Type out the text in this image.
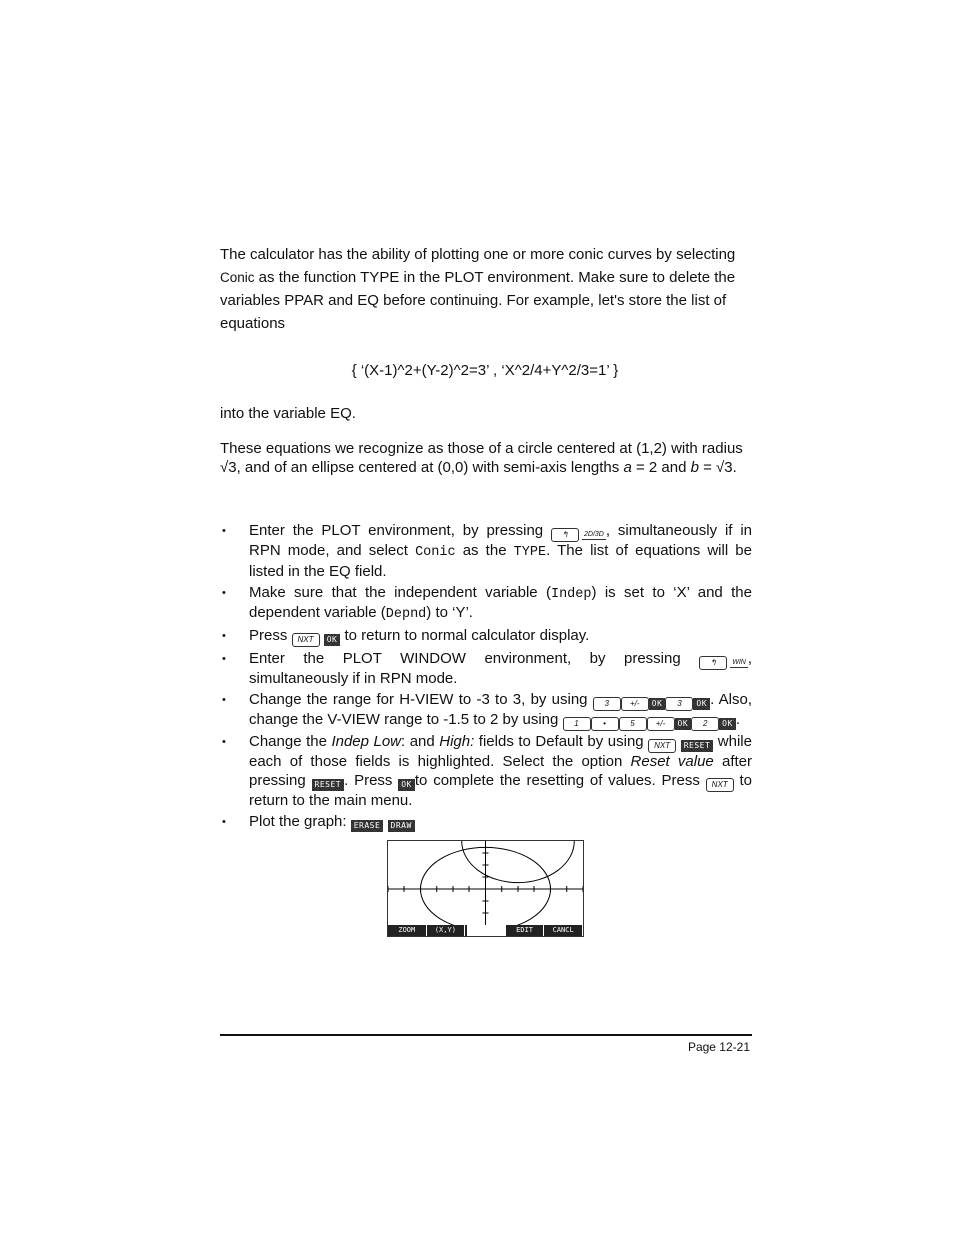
The calculator has the ability of plotting one or more conic curves by selecting
Conic as the function TYPE in the PLOT environment. Make sure to delete the variables PPAR and EQ before continuing. For example, let's store the list of equations

{ ‘(X-1)^2+(Y-2)^2=3’ , ‘X^2/4+Y^2/3=1’ }

into the variable EQ.

These equations we recognize as those of a circle centered at (1,2) with radius √3, and of an ellipse centered at (0,0) with semi-axis lengths a = 2 and b = √3.

• Enter the PLOT environment, by pressing	↰	2D/3D , simultaneously if in RPN mode, and select Conic as the TYPE. The list of equations will be listed in the EQ field.
• Make sure that the independent variable (Indep) is set to ‘X’ and the dependent variable (Depnd) to ‘Y’.
• Press NXT OK to return to normal calculator display.
• Enter the PLOT WINDOW environment, by pressing	↰	WIN , simultaneously if in RPN mode.
• Change the range for H-VIEW to -3 to 3, by using 3	+/- OK 3 OK . Also, change the V-VIEW range to -1.5 to 2 by using 1	•	5	+/- OK 2 OK .
• Change the Indep Low: and High: fields to Default by using NXT RESET while each of those fields is highlighted. Select the option Reset value after pressing RESET . Press OK to complete the resetting of values. Press NXT to return to the main menu.
• Plot the graph: ERASE DRAW
ZOOM	(X,Y)	EDIT	CANCL
Page 12-21
